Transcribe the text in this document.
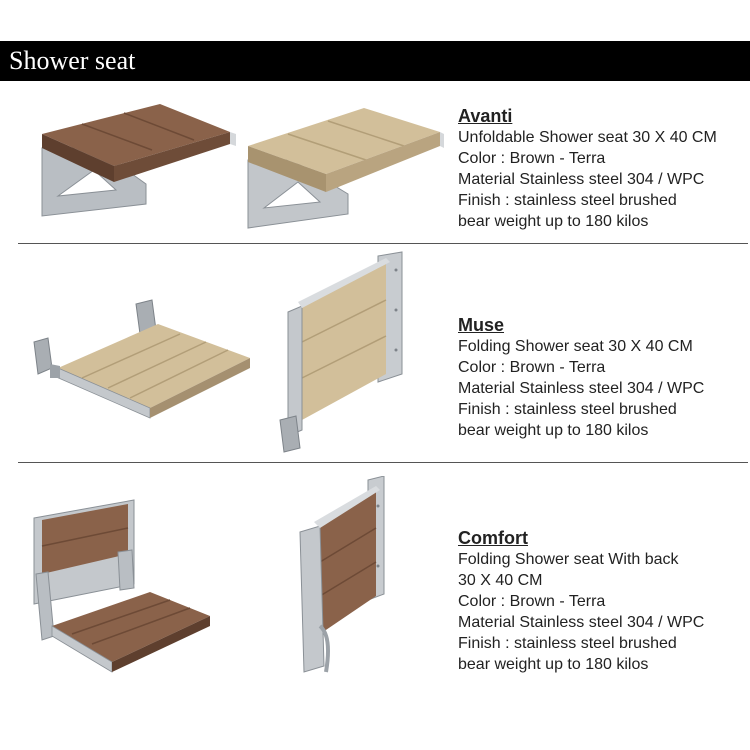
Shower seat
Avanti
Unfoldable Shower seat 30 X 40 CM
Color : Brown - Terra
Material Stainless steel 304 / WPC
Finish : stainless steel brushed
bear weight up to 180 kilos
Muse
Folding Shower seat 30 X 40 CM
Color : Brown - Terra
Material Stainless steel 304 / WPC
Finish : stainless steel brushed
bear weight up to 180 kilos
Comfort
Folding Shower seat With back
30 X 40 CM
Color : Brown - Terra
Material Stainless steel 304 / WPC
Finish : stainless steel brushed
bear weight up to 180 kilos
